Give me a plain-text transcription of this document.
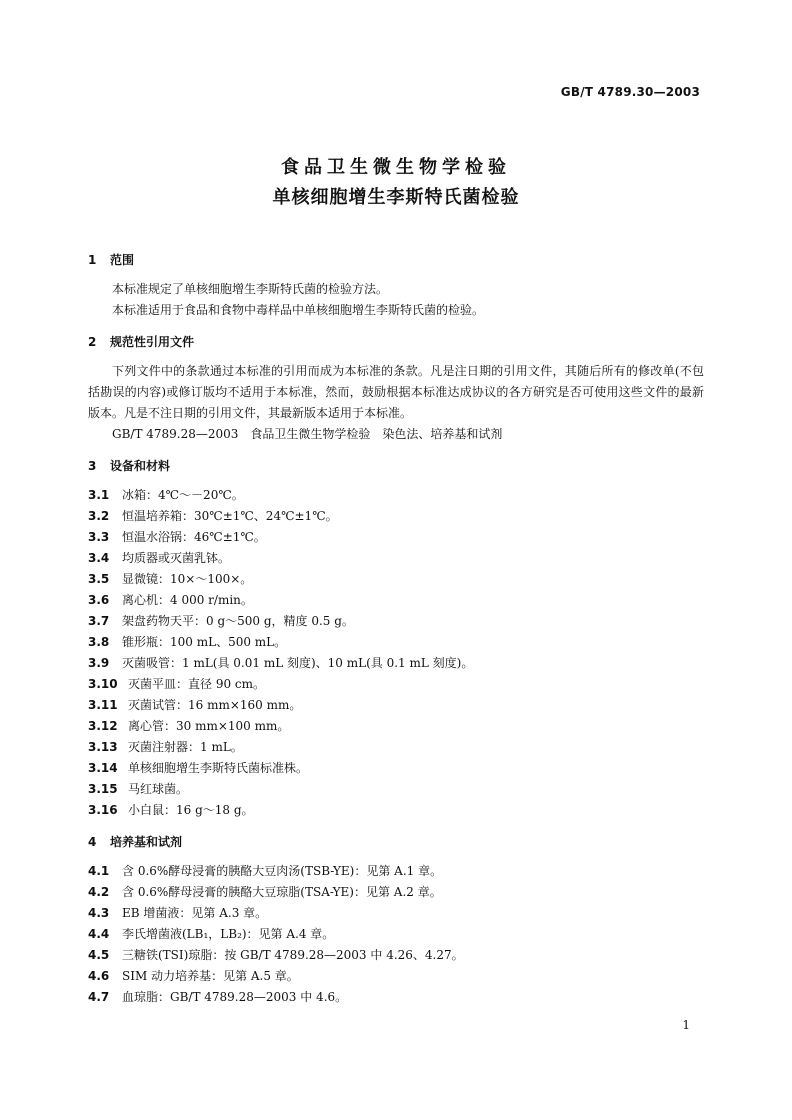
GB/T 4789.30—2003
食品卫生微生物学检验
单核细胞增生李斯特氏菌检验

1 范围

本标准规定了单核细胞增生李斯特氏菌的检验方法。

本标准适用于食品和食物中毒样品中单核细胞增生李斯特氏菌的检验。

2 规范性引用文件

下列文件中的条款通过本标准的引用而成为本标准的条款。凡是注日期的引用文件，其随后所有的修改单(不包括勘误的内容)或修订版均不适用于本标准，然而，鼓励根据本标准达成协议的各方研究是否可使用这些文件的最新版本。凡是不注日期的引用文件，其最新版本适用于本标准。

GB/T 4789.28—2003　食品卫生微生物学检验　染色法、培养基和试剂

3 设备和材料

3.1 冰箱：4℃～－20℃。

3.2 恒温培养箱：30℃±1℃、24℃±1℃。

3.3 恒温水浴锅：46℃±1℃。

3.4 均质器或灭菌乳钵。

3.5 显微镜：10×～100×。

3.6 离心机：4 000 r/min。

3.7 架盘药物天平：0 g～500 g，精度 0.5 g。

3.8 锥形瓶：100 mL、500 mL。

3.9 灭菌吸管：1 mL(具 0.01 mL 刻度)、10 mL(具 0.1 mL 刻度)。

3.10 灭菌平皿：直径 90 cm。

3.11 灭菌试管：16 mm×160 mm。

3.12 离心管：30 mm×100 mm。

3.13 灭菌注射器：1 mL。

3.14 单核细胞增生李斯特氏菌标准株。

3.15 马红球菌。

3.16 小白鼠：16 g～18 g。

4 培养基和试剂

4.1 含 0.6%酵母浸膏的胰酪大豆肉汤(TSB-YE)：见第 A.1 章。

4.2 含 0.6%酵母浸膏的胰酪大豆琼脂(TSA-YE)：见第 A.2 章。

4.3 EB 增菌液：见第 A.3 章。

4.4 李氏增菌液(LB₁，LB₂)：见第 A.4 章。

4.5 三糖铁(TSI)琼脂：按 GB/T 4789.28—2003 中 4.26、4.27。

4.6 SIM 动力培养基：见第 A.5 章。

4.7 血琼脂：GB/T 4789.28—2003 中 4.6。

1
